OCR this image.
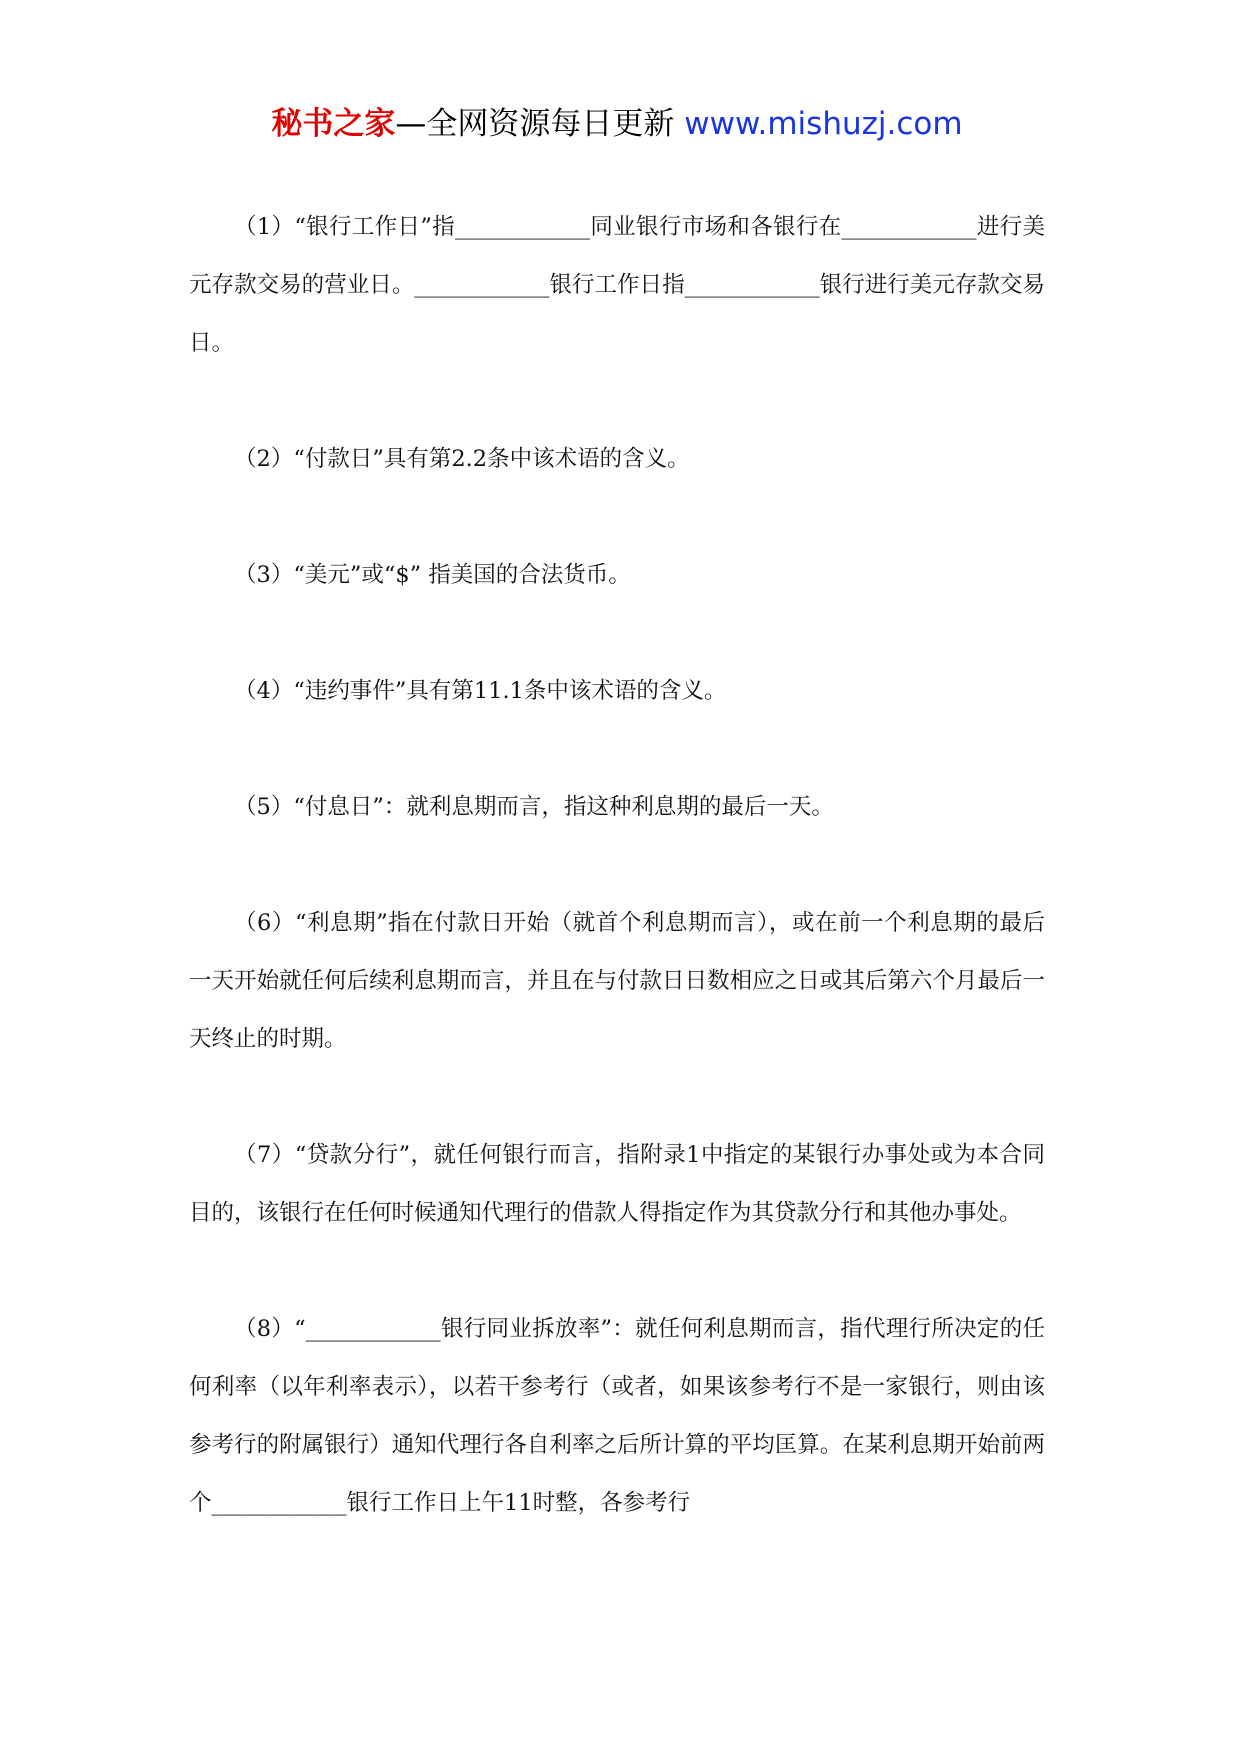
秘书之家—全网资源每日更新 www.mishuzj.com

（1）“银行工作日”指____________同业银行市场和各银行在____________进行美元存款交易的营业日。____________银行工作日指____________银行进行美元存款交易日。

（2）“付款日”具有第2.2条中该术语的含义。

（3）“美元”或“$” 指美国的合法货币。

（4）“违约事件”具有第11.1条中该术语的含义。

（5）“付息日”：就利息期而言，指这种利息期的最后一天。

（6）“利息期”指在付款日开始（就首个利息期而言），或在前一个利息期的最后一天开始就任何后续利息期而言，并且在与付款日日数相应之日或其后第六个月最后一天终止的时期。

（7）“贷款分行”，就任何银行而言，指附录1中指定的某银行办事处或为本合同目的，该银行在任何时候通知代理行的借款人得指定作为其贷款分行和其他办事处。

（8）“____________银行同业拆放率”：就任何利息期而言，指代理行所决定的任何利率（以年利率表示），以若干参考行（或者，如果该参考行不是一家银行，则由该参考行的附属银行）通知代理行各自利率之后所计算的平均匡算。在某利息期开始前两个____________银行工作日上午11时整，各参考行
